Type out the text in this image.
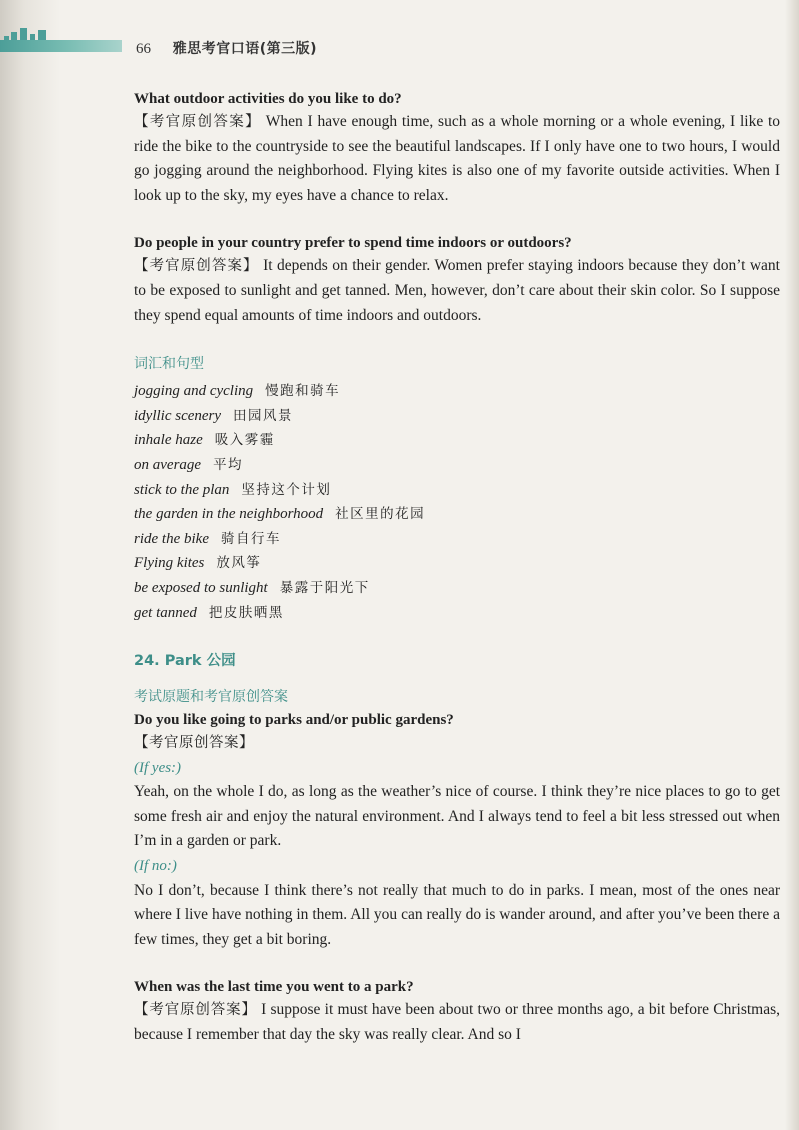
66 雅思考官口语(第三版)

What outdoor activities do you like to do?

【考官原创答案】 When I have enough time, such as a whole morning or a whole evening, I like to ride the bike to the countryside to see the beautiful landscapes. If I only have one to two hours, I would go jogging around the neighborhood. Flying kites is also one of my favorite outside activities. When I look up to the sky, my eyes have a chance to relax.

Do people in your country prefer to spend time indoors or outdoors?

【考官原创答案】 It depends on their gender. Women prefer staying indoors because they don’t want to be exposed to sunlight and get tanned. Men, however, don’t care about their skin color. So I suppose they spend equal amounts of time indoors and outdoors.

词汇和句型

jogging and cycling 慢跑和骑车

idyllic scenery 田园风景

inhale haze 吸入雾霾

on average 平均

stick to the plan 坚持这个计划

the garden in the neighborhood 社区里的花园

ride the bike 骑自行车

Flying kites 放风筝

be exposed to sunlight 暴露于阳光下

get tanned 把皮肤晒黑

24. Park 公园

考试原题和考官原创答案

Do you like going to parks and/or public gardens?

【考官原创答案】

(If yes:)

Yeah, on the whole I do, as long as the weather’s nice of course. I think they’re nice places to go to get some fresh air and enjoy the natural environment. And I always tend to feel a bit less stressed out when I’m in a garden or park.

(If no:)

No I don’t, because I think there’s not really that much to do in parks. I mean, most of the ones near where I live have nothing in them. All you can really do is wander around, and after you’ve been there a few times, they get a bit boring.

When was the last time you went to a park?

【考官原创答案】 I suppose it must have been about two or three months ago, a bit before Christmas, because I remember that day the sky was really clear. And so I
